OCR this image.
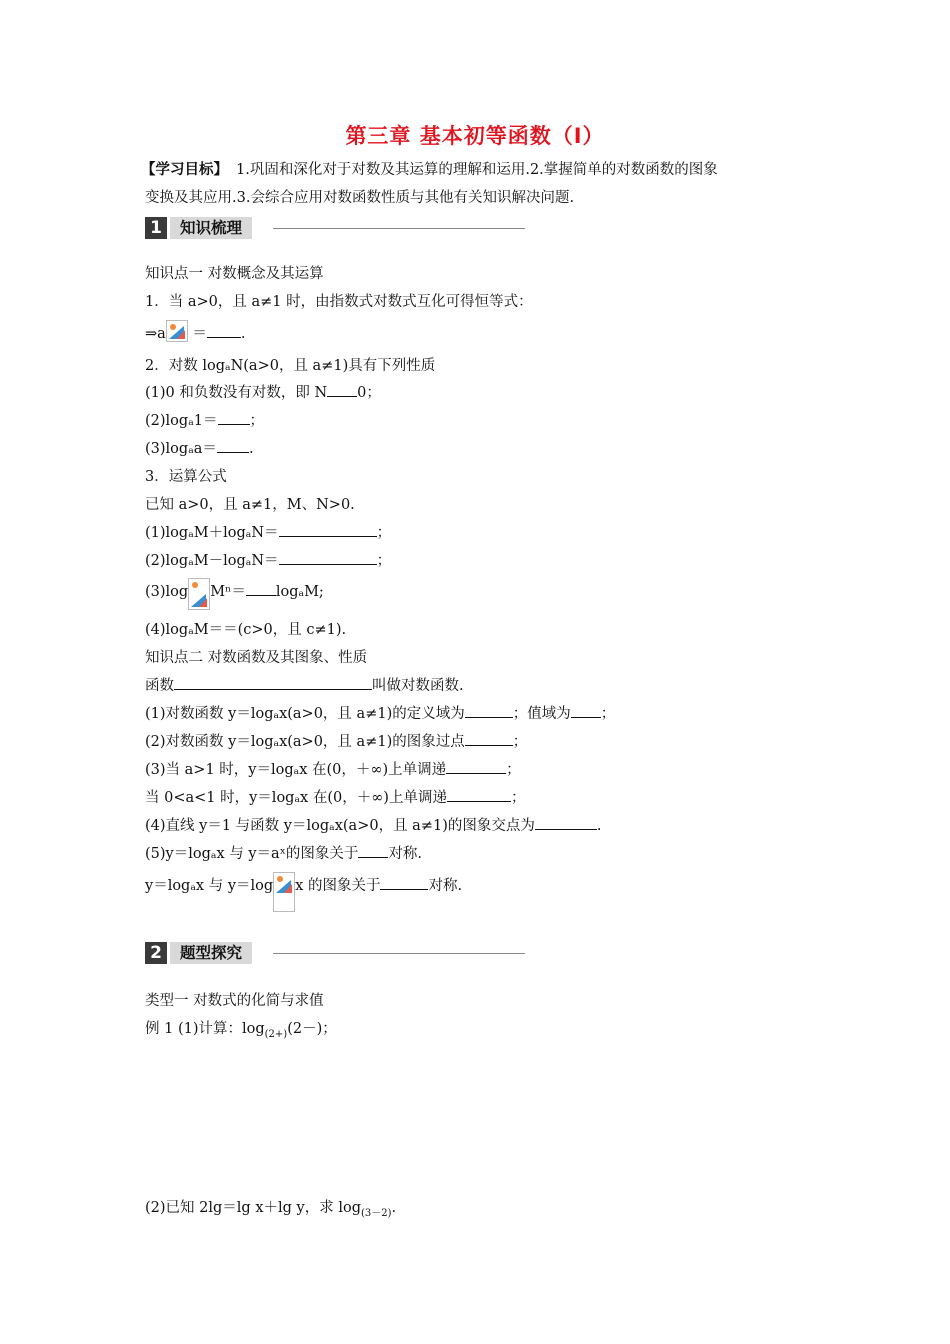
第三章 基本初等函数（Ⅰ）
【学习目标】 1.巩固和深化对于对数及其运算的理解和运用.2.掌握简单的对数函数的图象
变换及其应用.3.会综合应用对数函数性质与其他有关知识解决问题.
1	知识梳理
知识点一 对数概念及其运算
1．当 a>0，且 a≠1 时，由指数式对数式互化可得恒等式：
⇒a ＝ .
2．对数 logₐN(a>0，且 a≠1)具有下列性质
(1)0 和负数没有对数，即 N 0；
(2)logₐ1＝ ；
(3)logₐa＝ .
3．运算公式
已知 a>0，且 a≠1，M、N>0.
(1)logₐM＋logₐN＝	；
(2)logₐM－logₐN＝	；
(3)log Mⁿ＝ logₐM;
(4)logₐM＝＝(c>0，且 c≠1).
知识点二 对数函数及其图象、性质
函数	叫做对数函数.
(1)对数函数 y＝logₐx(a>0，且 a≠1)的定义域为	；值域为 ；
(2)对数函数 y＝logₐx(a>0，且 a≠1)的图象过点	；
(3)当 a>1 时，y＝logₐx 在(0，＋∞)上单调递	；
当 0<a<1 时，y＝logₐx 在(0，＋∞)上单调递	；
(4)直线 y＝1 与函数 y＝logₐx(a>0，且 a≠1)的图象交点为	.
(5)y＝logₐx 与 y＝aˣ的图象关于 对称.
y＝logₐx 与 y＝log x 的图象关于	对称.
2	题型探究
类型一 对数式的化简与求值
例 1 (1)计算：$\log_{(2+)}(2-)$；
(2)已知 2lg＝lg x＋lg y，求 $\log_{(3-2)}$.
